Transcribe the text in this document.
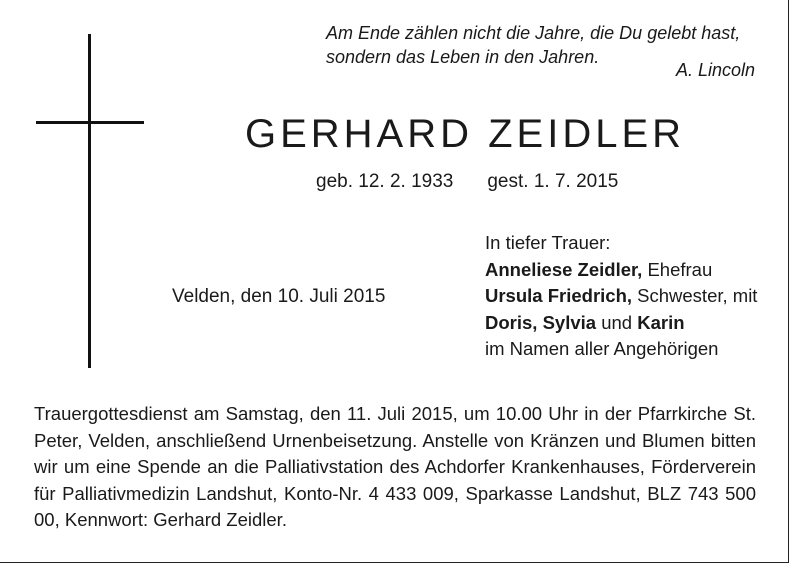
Am Ende zählen nicht die Jahre, die Du gelebt hast,
sondern das Leben in den Jahren.
A. Lincoln
GERHARD ZEIDLER
geb. 12. 2. 1933 gest. 1. 7. 2015
Velden, den 10. Juli 2015
In tiefer Trauer:
Anneliese Zeidler, Ehefrau
Ursula Friedrich, Schwester, mit
Doris, Sylvia und Karin
im Namen aller Angehörigen
Trauergottesdienst am Samstag, den 11. Juli 2015, um 10.00 Uhr in der Pfarrkirche St. Peter, Velden, anschließend Urnenbeisetzung. Anstelle von Kränzen und Blumen bitten wir um eine Spende an die Palliativstation des Achdorfer Krankenhauses, Förderverein für Palliativmedizin Landshut, Konto-Nr. 4 433 009, Sparkasse Landshut, BLZ 743 500 00, Kennwort: Gerhard Zeidler.
